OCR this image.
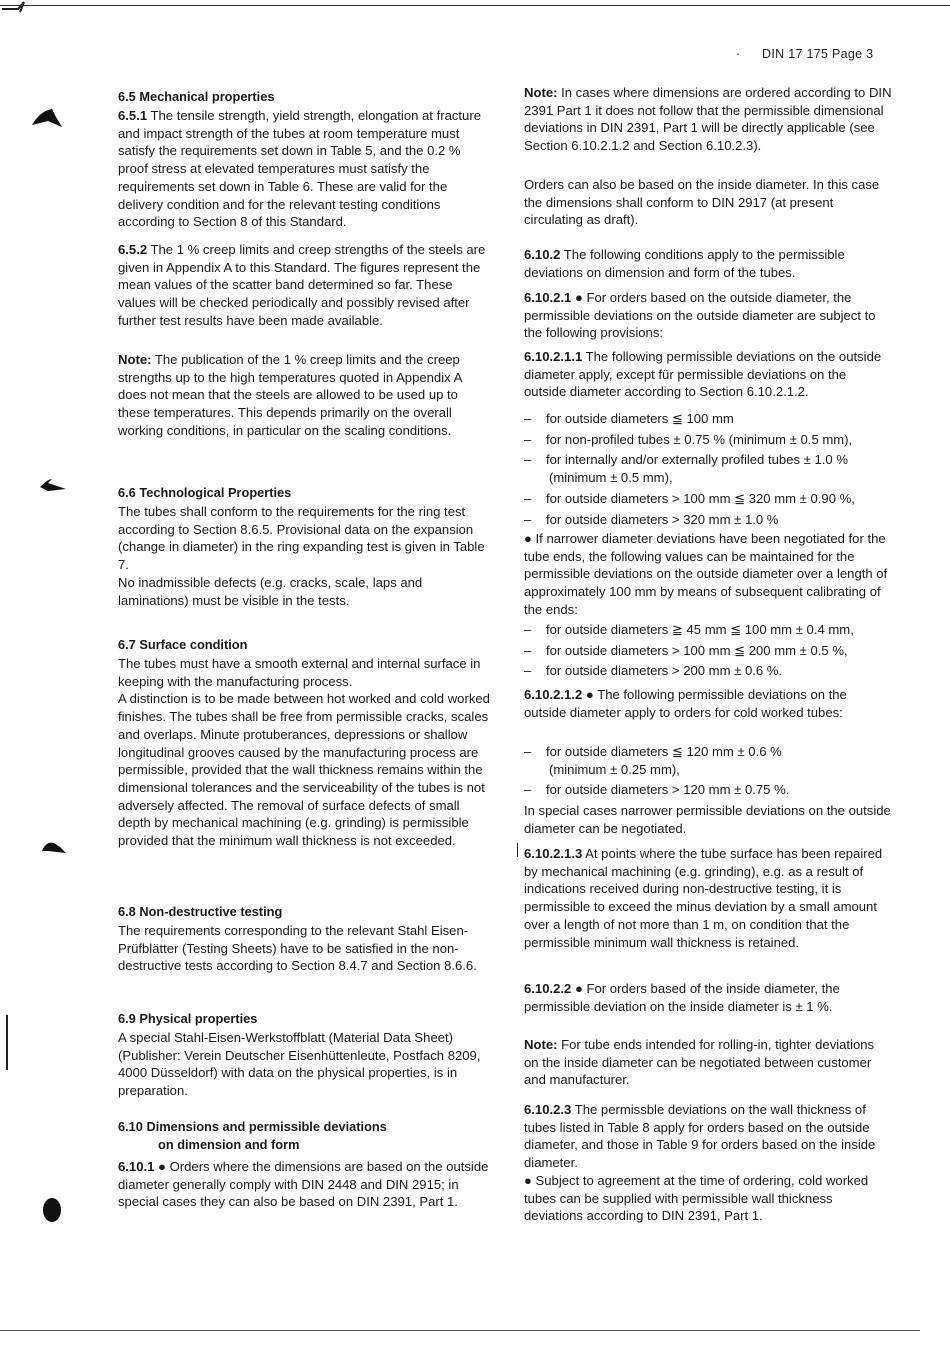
· DIN 17 175 Page 3

6.5 Mechanical properties

6.5.1 The tensile strength, yield strength, elongation at fracture and impact strength of the tubes at room temperature must satisfy the requirements set down in Table 5, and the 0.2 % proof stress at elevated temperatures must satisfy the requirements set down in Table 6. These are valid for the delivery condition and for the relevant testing conditions according to Section 8 of this Standard.

6.5.2 The 1 % creep limits and creep strengths of the steels are given in Appendix A to this Standard. The figures represent the mean values of the scatter band determined so far. These values will be checked periodically and possibly revised after further test results have been made available.

Note: The publication of the 1 % creep limits and the creep strengths up to the high temperatures quoted in Appendix A does not mean that the steels are allowed to be used up to these temperatures. This depends primarily on the overall working conditions, in particular on the scaling conditions.

6.6 Technological Properties

The tubes shall conform to the requirements for the ring test according to Section 8.6.5. Provisional data on the expansion (change in diameter) in the ring expanding test is given in Table 7.

No inadmissible defects (e.g. cracks, scale, laps and laminations) must be visible in the tests.

6.7 Surface condition

The tubes must have a smooth external and internal surface in keeping with the manufacturing process.

A distinction is to be made between hot worked and cold worked finishes. The tubes shall be free from permissible cracks, scales and overlaps. Minute protuberances, depressions or shallow longitudinal grooves caused by the manufacturing process are permissible, provided that the wall thickness remains within the dimensional tolerances and the serviceability of the tubes is not adversely affected. The removal of surface defects of small depth by mechanical machining (e.g. grinding) is permissible provided that the minimum wall thickness is not exceeded.

6.8 Non-destructive testing

The requirements corresponding to the relevant Stahl Eisen-Prüfblätter (Testing Sheets) have to be satisfied in the non-destructive tests according to Section 8.4.7 and Section 8.6.6.

6.9 Physical properties

A special Stahl-Eisen-Werkstoffblatt (Material Data Sheet) (Publisher: Verein Deutscher Eisenhüttenleute, Postfach 8209, 4000 Düsseldorf) with data on the physical properties, is in preparation.

6.10 Dimensions and permissible deviations

on dimension and form

6.10.1 ● Orders where the dimensions are based on the outside diameter generally comply with DIN 2448 and DIN 2915; in special cases they can also be based on DIN 2391, Part 1.

Note: In cases where dimensions are ordered according to DIN 2391 Part 1 it does not follow that the permissible dimensional deviations in DIN 2391, Part 1 will be directly applicable (see Section 6.10.2.1.2 and Section 6.10.2.3).

Orders can also be based on the inside diameter. In this case the dimensions shall conform to DIN 2917 (at present circulating as draft).

6.10.2 The following conditions apply to the permissible deviations on dimension and form of the tubes.

6.10.2.1 ● For orders based on the outside diameter, the permissible deviations on the outside diameter are subject to the following provisions:

6.10.2.1.1 The following permissible deviations on the outside diameter apply, except für permissible deviations on the outside diameter according to Section 6.10.2.1.2.

– for outside diameters ≦ 100 mm

– for non-profiled tubes ± 0.75 % (minimum ± 0.5 mm),

– for internally and/or externally profiled tubes ± 1.0 %

(minimum ± 0.5 mm),

– for outside diameters > 100 mm ≦ 320 mm ± 0.90 %,

– for outside diameters > 320 mm ± 1.0 %

● If narrower diameter deviations have been negotiated for the tube ends, the following values can be maintained for the permissible deviations on the outside diameter over a length of approximately 100 mm by means of subsequent calibrating of the ends:

– for outside diameters ≧ 45 mm ≦ 100 mm ± 0.4 mm,

– for outside diameters > 100 mm ≦ 200 mm ± 0.5 %,

– for outside diameters > 200 mm ± 0.6 %.

6.10.2.1.2 ● The following permissible deviations on the outside diameter apply to orders for cold worked tubes:

– for outside diameters ≦ 120 mm ± 0.6 %

(minimum ± 0.25 mm),

– for outside diameters > 120 mm ± 0.75 %.

In special cases narrower permissible deviations on the outside diameter can be negotiated.

6.10.2.1.3 At points where the tube surface has been repaired by mechanical machining (e.g. grinding), e.g. as a result of indications received during non-destructive testing, it is permissible to exceed the minus deviation by a small amount over a length of not more than 1 m, on condition that the permissible minimum wall thickness is retained.

6.10.2.2 ● For orders based of the inside diameter, the permissible deviation on the inside diameter is ± 1 %.

Note: For tube ends intended for rolling-in, tighter deviations on the inside diameter can be negotiated between customer and manufacturer.

6.10.2.3 The permissble deviations on the wall thickness of tubes listed in Table 8 apply for orders based on the outside diameter, and those in Table 9 for orders based on the inside diameter.

● Subject to agreement at the time of ordering, cold worked tubes can be supplied with permissible wall thickness deviations according to DIN 2391, Part 1.
